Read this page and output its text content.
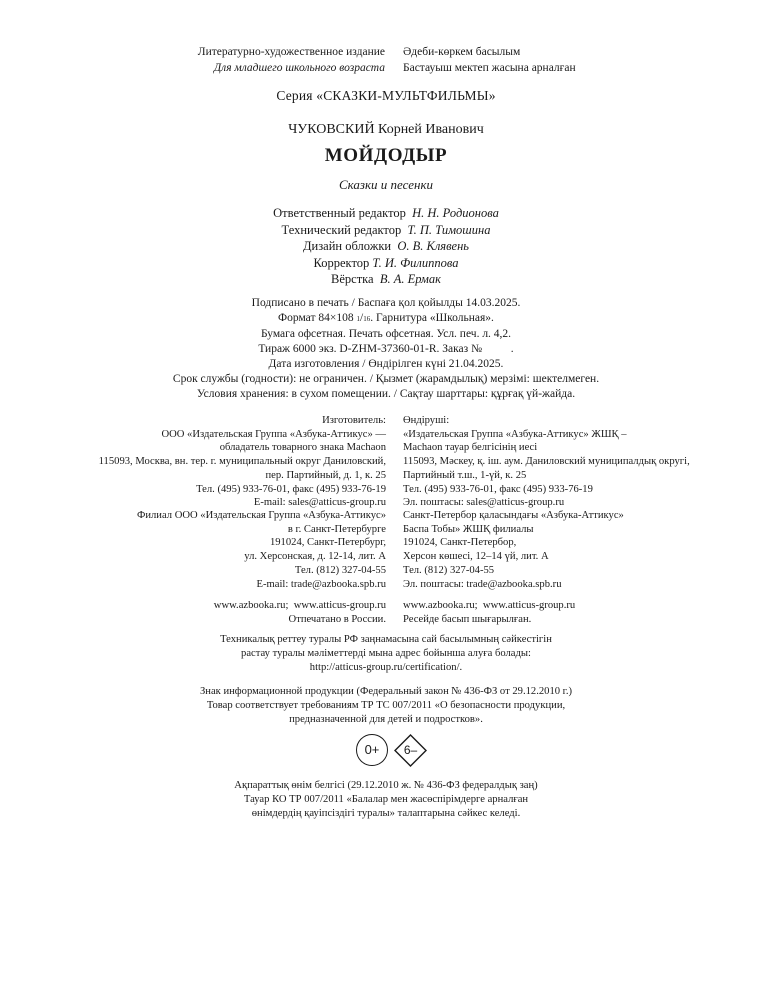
Литературно-художественное издание
Для младшего школьного возраста
Әдеби-көркем басылым
Бастауыш мектеп жасына арналған
Серия «СКАЗКИ-МУЛЬТФИЛЬМЫ»
ЧУКОВСКИЙ Корней Иванович
МОЙДОДЫР
Сказки и песенки
Ответственный редактор Н. Н. Родионова
Технический редактор Т. П. Тимошина
Дизайн обложки О. В. Клявень
Корректор Т. И. Филиппова
Вёрстка В. А. Ермак
Подписано в печать / Баспаға қол қойылды 14.03.2025.
Формат 84×108 1/16. Гарнитура «Школьная».
Бумага офсетная. Печать офсетная. Усл. печ. л. 4,2.
Тираж 6000 экз. D-ZHM-37360-01-R. Заказ №          .
Дата изготовления / Өндірілген күні 21.04.2025.
Срок службы (годности): не ограничен. / Қызмет (жарамдылық) мерзімі: шектелмеген.
Условия хранения: в сухом помещении. / Сақтау шарттары: құрғақ үй-жайда.
Изготовитель:
ООО «Издательская Группа «Азбука-Аттикус» —
обладатель товарного знака Machaon
115093, Москва, вн. тер. г. муниципальный округ Даниловский,
пер. Партийный, д. 1, к. 25
Тел. (495) 933-76-01, факс (495) 933-76-19
E-mail: sales@atticus-group.ru
Өндіруші:
«Издательская Группа «Азбука-Аттикус» ЖШҚ –
Machaon тауар белгісінің иесі
115093, Мәскеу, қ. іш. аум. Даниловский муниципалдық округі,
Партийный т.ш., 1-үй, к. 25
Тел. (495) 933-76-01, факс (495) 933-76-19
Эл. поштасы: sales@atticus-group.ru
Филиал ООО «Издательская Группа «Азбука-Аттикус»
в г. Санкт-Петербурге
191024, Санкт-Петербург,
ул. Херсонская, д. 12-14, лит. А
Тел. (812) 327-04-55
E-mail: trade@azbooka.spb.ru
Санкт-Петербор қаласындағы «Азбука-Аттикус»
Баспа Тобы» ЖШҚ филиалы
191024, Санкт-Петербор,
Херсон көшесі, 12–14 үй, лит. А
Тел. (812) 327-04-55
Эл. поштасы: trade@azbooka.spb.ru
www.azbooka.ru;  www.atticus-group.ru
Отпечатано в России.
www.azbooka.ru;  www.atticus-group.ru
Ресейде басып шығарылған.
Техникалық реттеу туралы РФ заңнамасына сай басылымның сәйкестігін
растау туралы мәліметтерді мына адрес бойынша алуға болады:
http://atticus-group.ru/certification/.
Знак информационной продукции (Федеральный закон № 436-ФЗ от 29.12.2010 г.)
Товар соответствует требованиям ТР ТС 007/2011 «О безопасности продукции,
предназначенной для детей и подростков».
0+	6–
Ақпараттық өнім белгісі (29.12.2010 ж. № 436-ФЗ федералдық заң)
Тауар КО ТР 007/2011 «Балалар мен жасөспірімдерге арналған
өнімдердің қауіпсіздігі туралы» талаптарына сәйкес келеді.
